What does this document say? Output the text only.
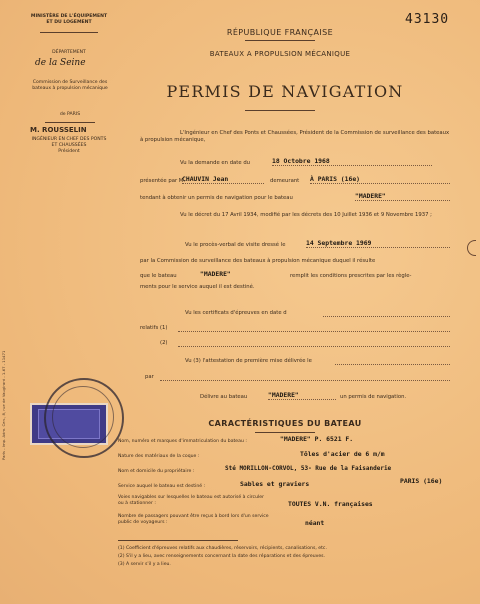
43130
MINISTÈRE DE L'ÉQUIPEMENT ET DU LOGEMENT
DÉPARTEMENT
de la Seine
Commission de Surveillance des bateaux à propulsion mécanique
de PARIS
M. ROUSSELIN
INGÉNIEUR EN CHEF DES PONTS ET CHAUSSÉES
Président
RÉPUBLIQUE FRANÇAISE
BATEAUX A PROPULSION MÉCANIQUE
PERMIS DE NAVIGATION
L'Ingénieur en Chef des Ponts et Chaussées, Président de la Commission de surveillance des bateaux à propulsion mécanique,
Vu la demande en date du	18 Octobre 1968
présentée par M.
CHAUVIN Jean	demeurant À PARIS (16e)
tendant à obtenir un permis de navigation pour le bateau	"MADERE"
Vu le décret du 17 Avril 1934, modifié par les décrets des 10 Juillet 1936 et 9 Novembre 1937 ;
Vu le procès-verbal de visite dressé le	14 Septembre 1969
par la Commission de surveillance des bateaux à propulsion mécanique duquel il résulte
que le bateau	"MADERE"	remplit les conditions prescrites par les règle-
ments pour le service auquel il est destiné.
Vu les certificats d'épreuves en date d
relatifs (1)
(2)
Vu (3) l'attestation de première mise délivrée le
par
Délivre au bateau	"MADERE"	un permis de navigation.
CARACTÉRISTIQUES DU BATEAU
Nom, numéro et marques d'immatriculation du bateau :	"MADERE" P. 6521 F.
Nature des matériaux de la coque :	Tôles d'acier de 6 m/m
Nom et domicile du propriétaire :	Sté MORILLON-CORVOL, 53- Rue de la Faisanderie
PARIS (16e)
Service auquel le bateau est destiné :	Sables et graviers
Voies navigables sur lesquelles le bateau est autorisé à circuler ou à stationner :	TOUTES V.N. françaises
Nombre de passagers pouvant être reçus à bord lors d'un service public de voyageurs :	néant
(1) Coefficient d'épreuves relatifs aux chaudières, réservoirs, récipients, canalisations, etc.
(2) S'il y a lieu, avec renseignements concernant la date des réparations et des épreuves.
(3) A servir s'il y a lieu.
Paris - Imp. Adm. Cen., 8, rue de Vaugirard - 1-67 - 11471
